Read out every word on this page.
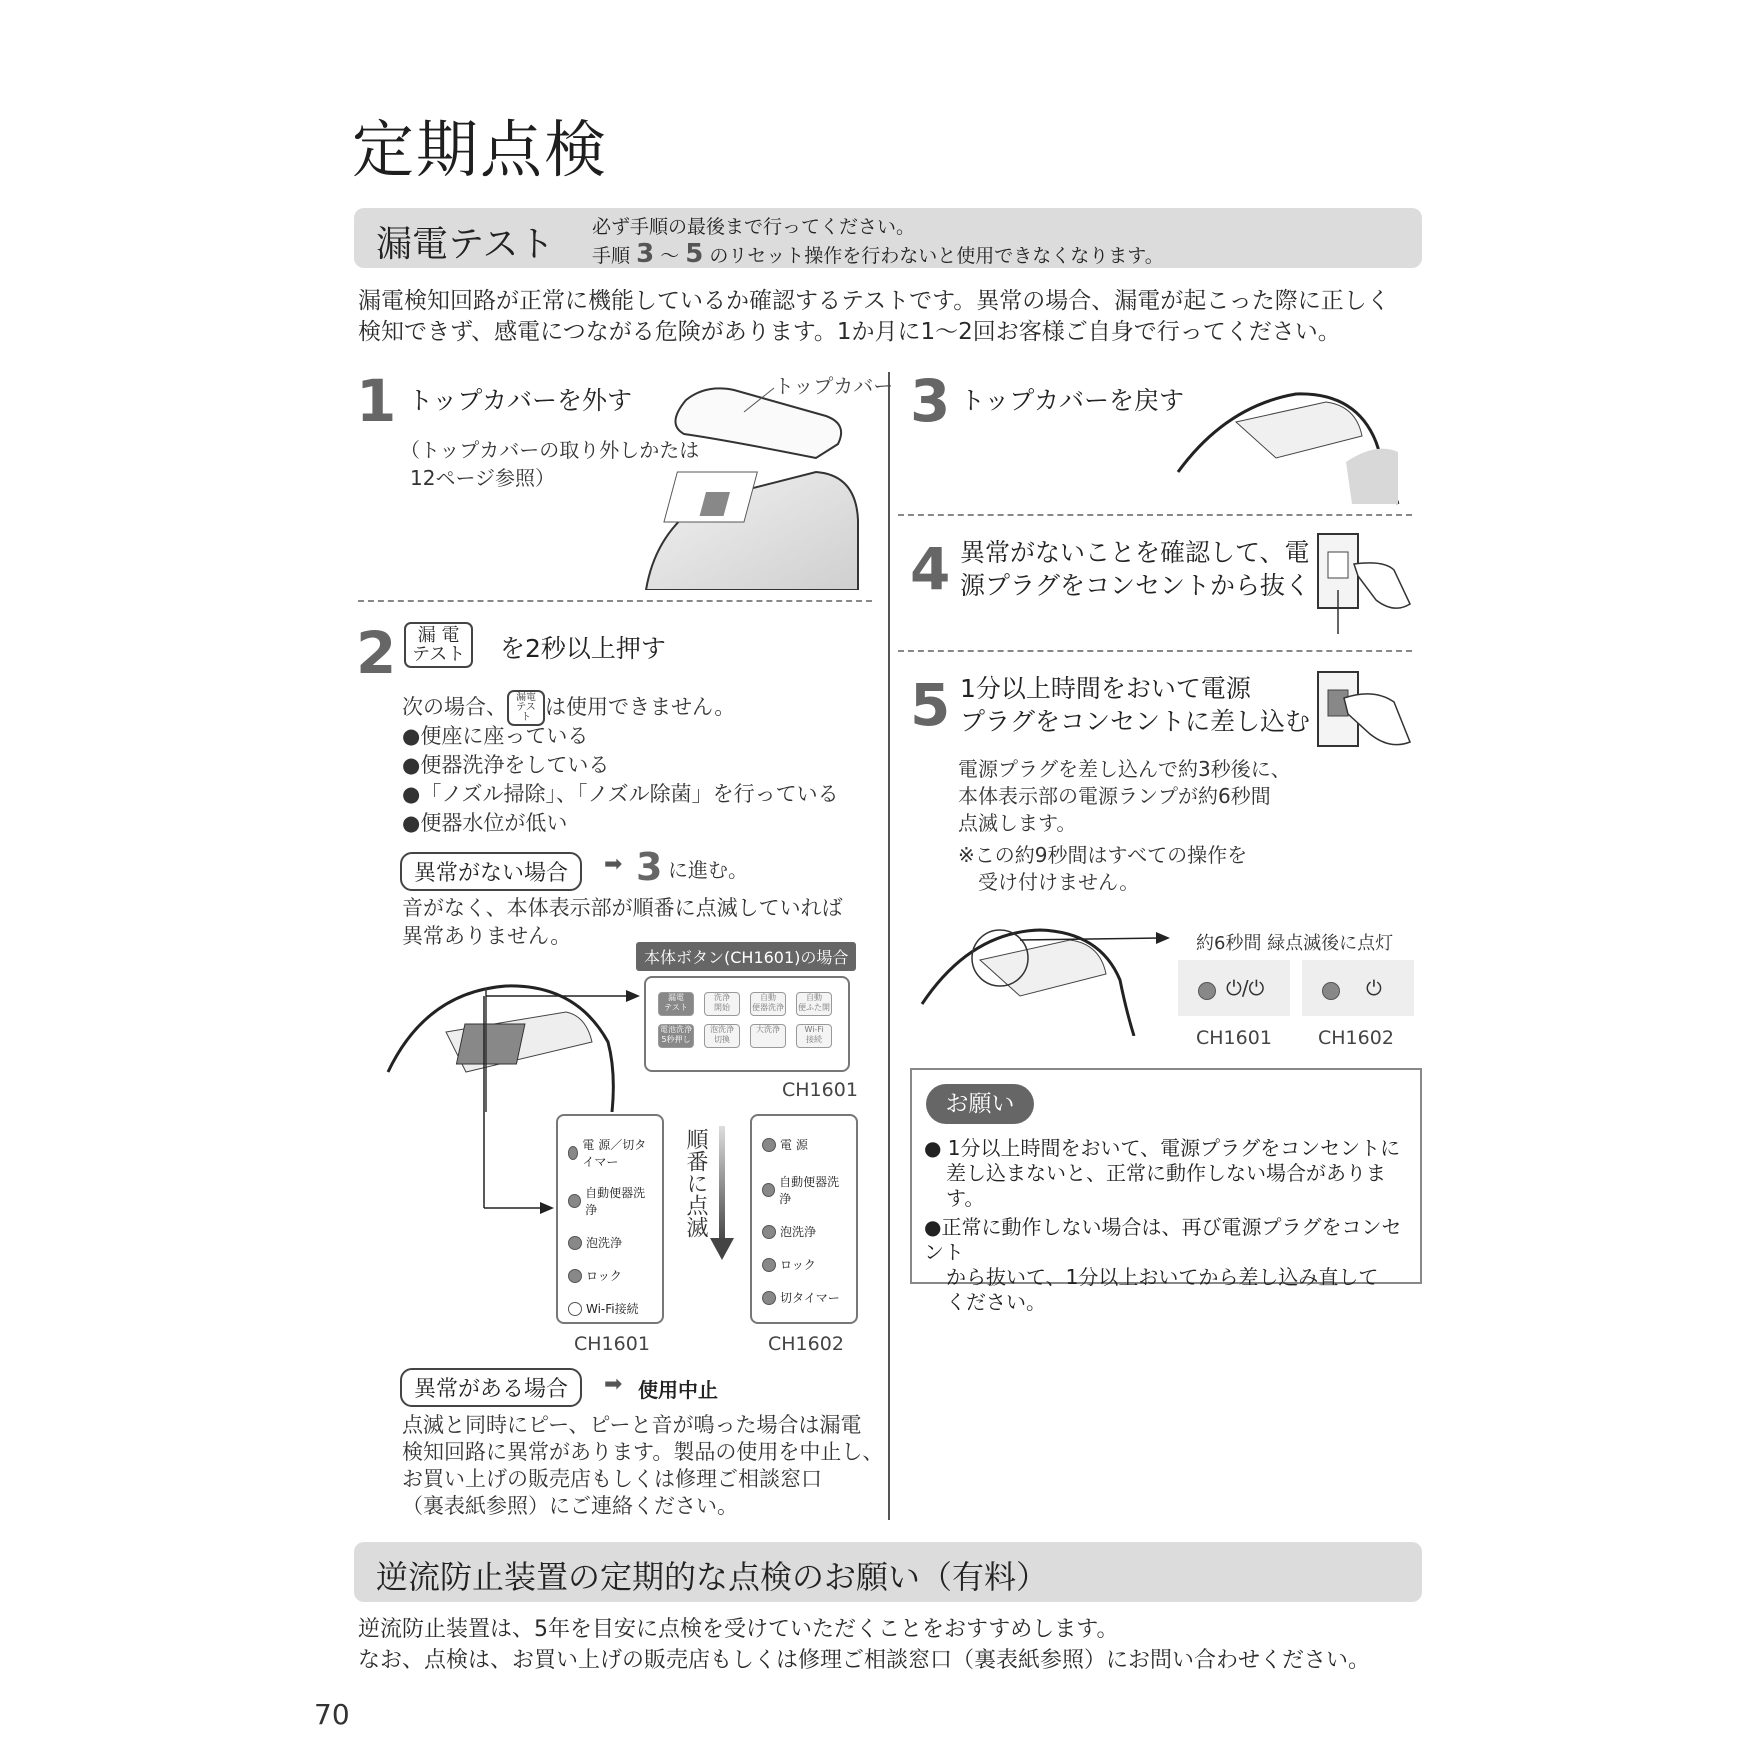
定期点検
漏電テスト 必ず手順の最後まで行ってください。
手順 3 ～ 5 のリセット操作を行わないと使用できなくなります。
漏電検知回路が正常に機能しているか確認するテストです。異常の場合、漏電が起こった際に正しく
検知できず、感電につながる危険があります。1か月に1～2回お客様ご自身で行ってください。
1 トップカバーを外す
（トップカバーの取り外しかたは
12ページ参照）
トップカバー
2	漏 電
テスト を2秒以上押す
次の場合、 漏電テスト は使用できません。
●便座に座っている
●便器洗浄をしている
●「ノズル掃除」、「ノズル除菌」を行っている
●便器水位が低い
異常がない場合	➡ 3 に進む。
音がなく、本体表示部が順番に点滅していれば
異常ありません。
本体ボタン(CH1601)の場合
漏電
テスト
洗浄
開始
自動
便器洗浄
自動
便ふた開
電池洗浄
5秒押し
泡洗浄
切換
大洗浄	Wi-Fi
接続
CH1601
電 源／切タイマー
自動便器洗浄
泡洗浄
ロック
Wi-Fi接続
CH1601
順番に点滅	電 源
自動便器洗浄
泡洗浄
ロック
切タイマー
CH1602
異常がある場合	➡ 使用中止
点滅と同時にピー、ピーと音が鳴った場合は漏電
検知回路に異常があります。製品の使用を中止し、
お買い上げの販売店もしくは修理ご相談窓口
（裏表紙参照）にご連絡ください。
3 トップカバーを戻す
4 異常がないことを確認して、電
源プラグをコンセントから抜く
5 1分以上時間をおいて電源
プラグをコンセントに差し込む
電源プラグを差し込んで約3秒後に、
本体表示部の電源ランプが約6秒間
点滅します。
※この約9秒間はすべての操作を
受け付けません。
約6秒間 緑点滅後に点灯
⏻/⏻	⏻
CH1601 CH1602
お願い
● 1分以上時間をおいて、電源プラグをコンセントに
差し込まないと、正常に動作しない場合があります。
●正常に動作しない場合は、再び電源プラグをコンセント
から抜いて、1分以上おいてから差し込み直して
ください。
逆流防止装置の定期的な点検のお願い（有料）
逆流防止装置は、5年を目安に点検を受けていただくことをおすすめします。
なお、点検は、お買い上げの販売店もしくは修理ご相談窓口（裏表紙参照）にお問い合わせください。
70
